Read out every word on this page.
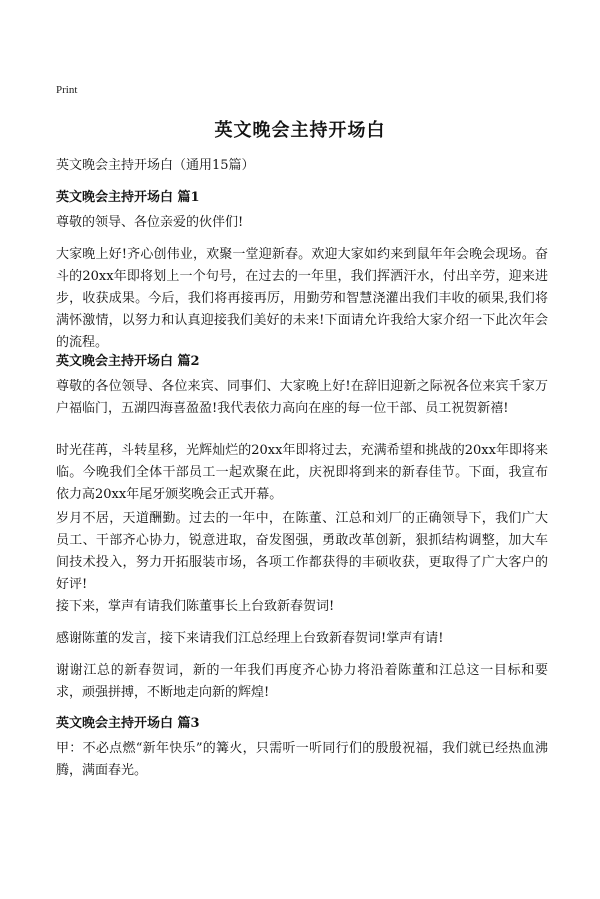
Print
英文晚会主持开场白
英文晚会主持开场白（通用15篇）
英文晚会主持开场白 篇1
尊敬的领导、各位亲爱的伙伴们!
大家晚上好!齐心创伟业，欢聚一堂迎新春。欢迎大家如约来到鼠年年会晚会现场。奋斗的20xx年即将划上一个句号，在过去的一年里，我们挥洒汗水，付出辛劳，迎来进步，收获成果。今后，我们将再接再厉，用勤劳和智慧浇灌出我们丰收的硕果,我们将满怀激情，以努力和认真迎接我们美好的未来!下面请允许我给大家介绍一下此次年会的流程。
英文晚会主持开场白 篇2
尊敬的各位领导、各位来宾、同事们、大家晚上好!在辞旧迎新之际祝各位来宾千家万户福临门，五湖四海喜盈盈!我代表依力高向在座的每一位干部、员工祝贺新禧!
时光荏苒，斗转星移，光辉灿烂的20xx年即将过去，充满希望和挑战的20xx年即将来临。今晚我们全体干部员工一起欢聚在此，庆祝即将到来的新春佳节。下面，我宣布依力高20xx年尾牙颁奖晚会正式开幕。
岁月不居，天道酬勤。过去的一年中，在陈董、江总和刘厂的正确领导下，我们广大员工、干部齐心协力，锐意进取，奋发图强，勇敢改革创新，狠抓结构调整，加大车间技术投入，努力开拓服装市场，各项工作都获得的丰硕收获，更取得了广大客户的好评!
接下来，掌声有请我们陈董事长上台致新春贺词!
感谢陈董的发言，接下来请我们江总经理上台致新春贺词!掌声有请!
谢谢江总的新春贺词，新的一年我们再度齐心协力将沿着陈董和江总这一目标和要求，顽强拼搏，不断地走向新的辉煌!
英文晚会主持开场白 篇3
甲：不必点燃“新年快乐”的篝火，只需听一听同行们的殷殷祝福，我们就已经热血沸腾，满面春光。
